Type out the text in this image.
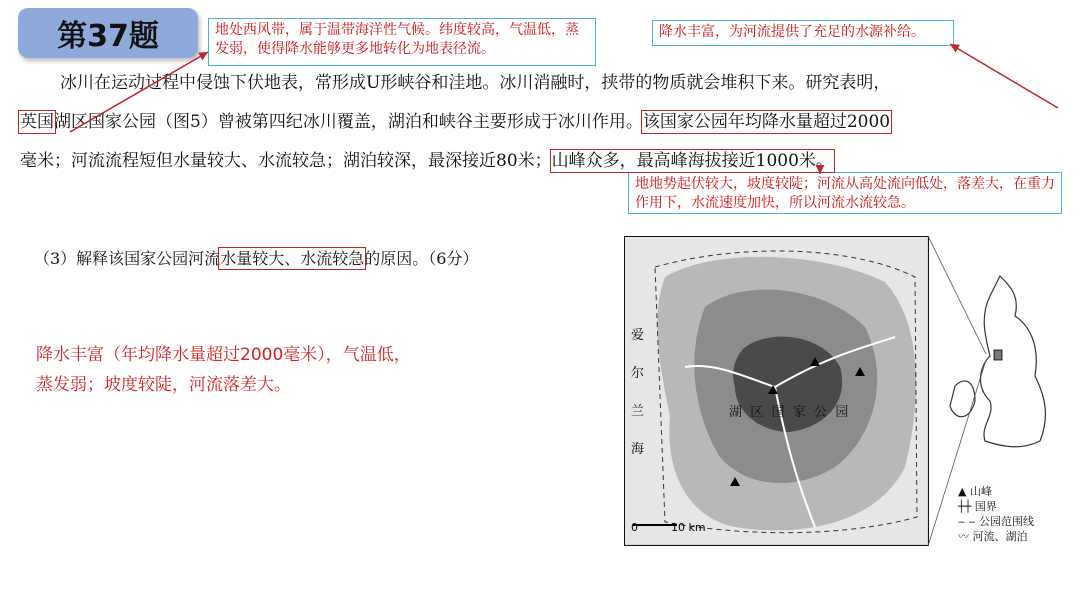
第37题	地处西风带，属于温带海洋性气候。纬度较高，气温低，蒸发弱，使得降水能够更多地转化为地表径流。
降水丰富，为河流提供了充足的水源补给。
地地势起伏较大，坡度较陡；河流从高处流向低处，落差大，在重力作用下，水流速度加快，所以河流水流较急。
冰川在运动过程中侵蚀下伏地表，常形成U形峡谷和洼地。冰川消融时，挟带的物质就会堆积下来。研究表明，
英国湖区国家公园（图5）曾被第四纪冰川覆盖，湖泊和峡谷主要形成于冰川作用。该国家公园年均降水量超过2000
毫米；河流流程短但水量较大、水流较急；湖泊较深，最深接近80米；山峰众多，最高峰海拔接近1000米。
（3）解释该国家公园河流水量较大、水流较急的原因。（6分）
降水丰富（年均降水量超过2000毫米），气温低，
蒸发弱；坡度较陡，河流落差大。
爱
尔
兰
海
湖  区  国  家  公  园
0	10 km
▲ 山峰
┼┼ 国界
‒ ‒ 公园范围线
〰 河流、湖泊
